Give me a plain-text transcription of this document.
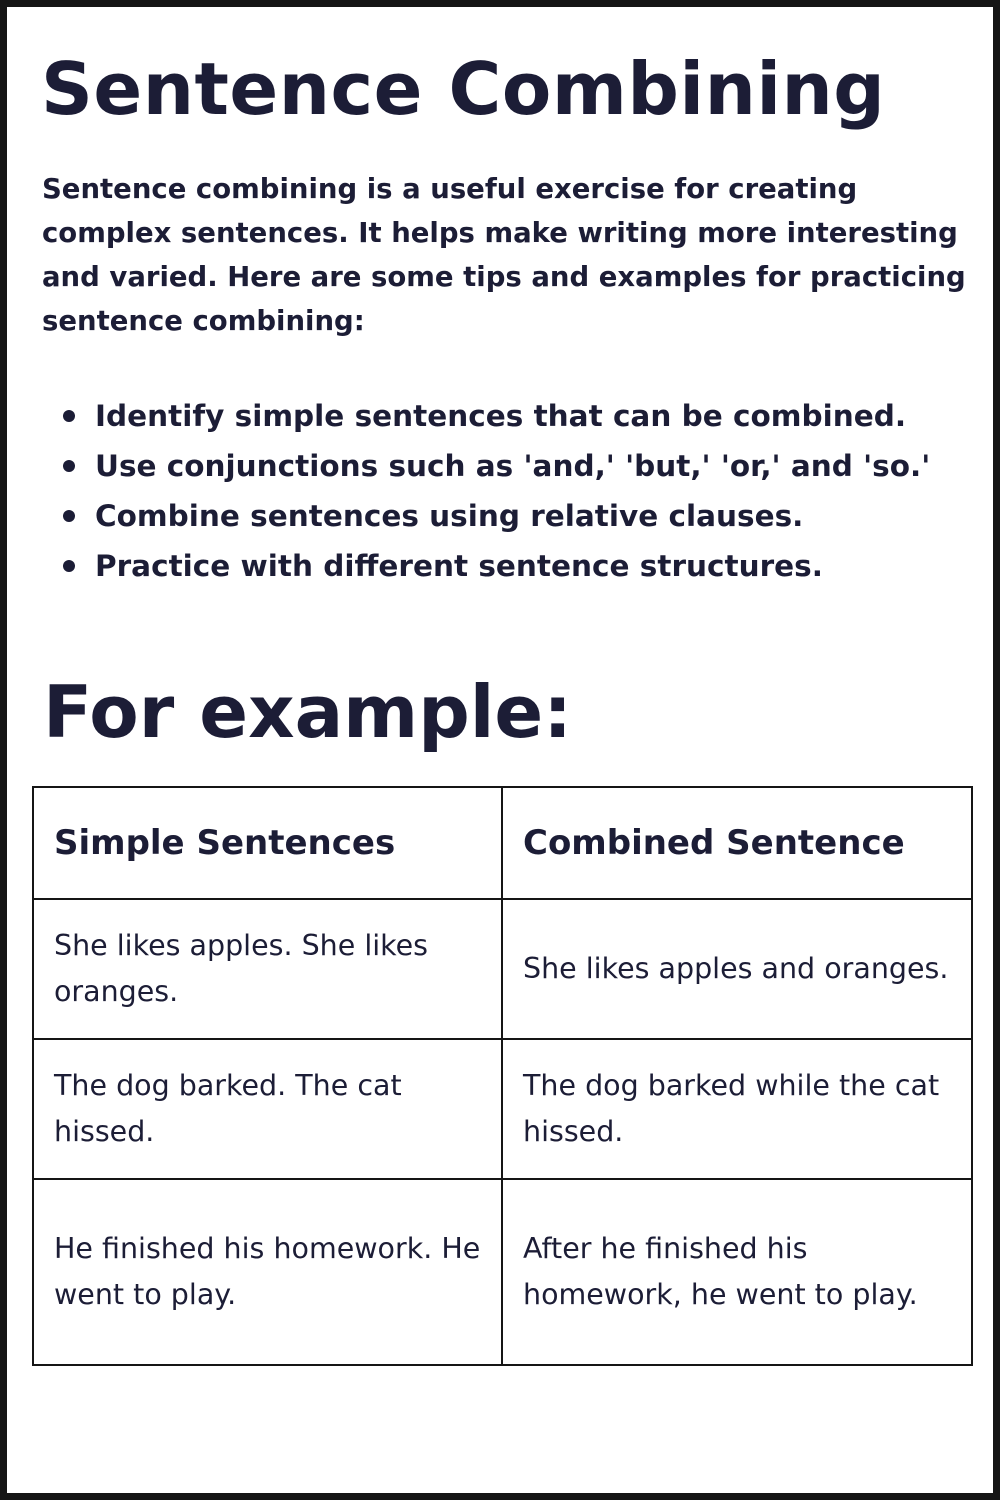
Sentence Combining

Sentence combining is a useful exercise for creating complex sentences. It helps make writing more interesting and varied. Here are some tips and examples for practicing sentence combining:

Identify simple sentences that can be combined.
Use conjunctions such as 'and,' 'but,' 'or,' and 'so.'
Combine sentences using relative clauses.
Practice with different sentence structures.
For example:
Simple Sentences	Combined Sentence
She likes apples. She likes oranges.	She likes apples and oranges.
The dog barked. The cat hissed.	The dog barked while the cat hissed.
He finished his homework. He went to play.	After he finished his homework, he went to play.
